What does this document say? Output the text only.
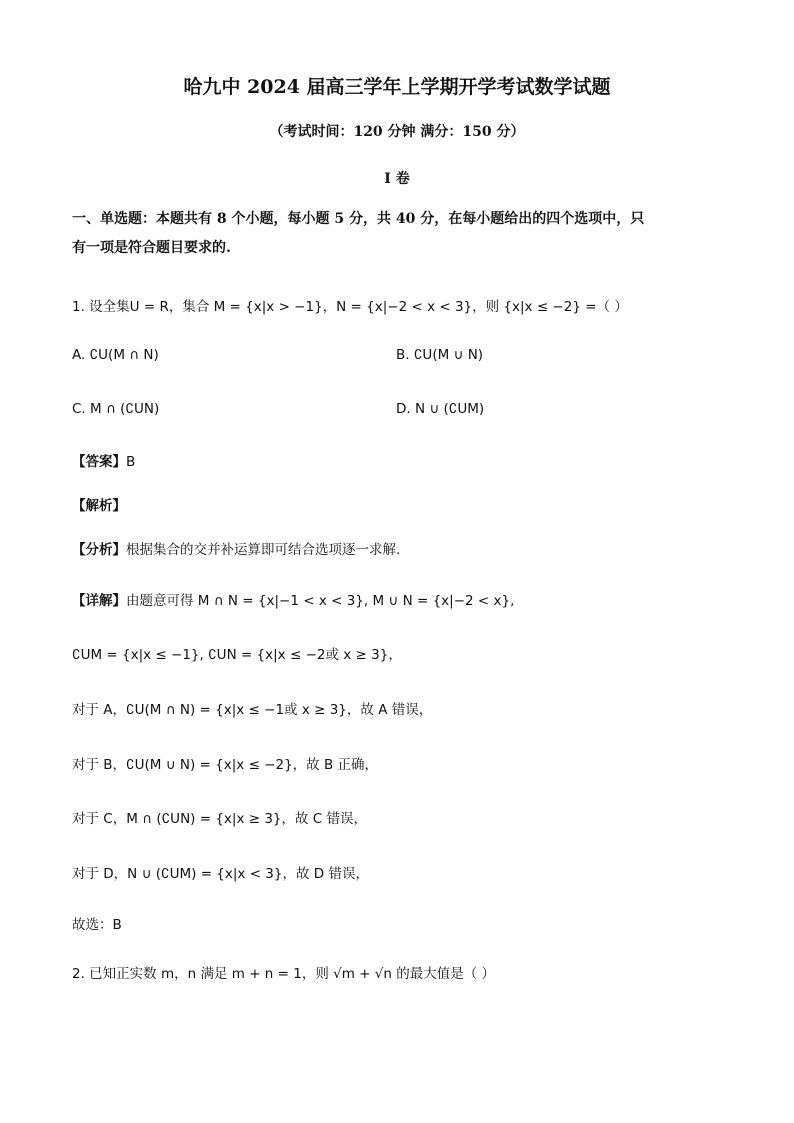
哈九中 2024 届高三学年上学期开学考试数学试题
（考试时间：120 分钟 满分：150 分）
I 卷
一、单选题：本题共有 8 个小题，每小题 5 分，共 40 分，在每小题给出的四个选项中，只
有一项是符合题目要求的.
1. 设全集U = R，集合 M = {x|x > −1}，N = {x|−2 < x < 3}，则 {x|x ≤ −2} =（ ）
A. ∁U(M ∩ N)	B. ∁U(M ∪ N)
C. M ∩ (∁UN)	D. N ∪ (∁UM)
【答案】B
【解析】
【分析】根据集合的交并补运算即可结合选项逐一求解.
【详解】由题意可得 M ∩ N = {x|−1 < x < 3}, M ∪ N = {x|−2 < x},
∁UM = {x|x ≤ −1}, ∁UN = {x|x ≤ −2或 x ≥ 3}，
对于 A，∁U(M ∩ N) = {x|x ≤ −1或 x ≥ 3}，故 A 错误，
对于 B，∁U(M ∪ N) = {x|x ≤ −2}，故 B 正确，
对于 C，M ∩ (∁UN) = {x|x ≥ 3}，故 C 错误，
对于 D，N ∪ (∁UM) = {x|x < 3}，故 D 错误，
故选：B
2. 已知正实数 m，n 满足 m + n = 1，则 √m + √n 的最大值是（ ）
